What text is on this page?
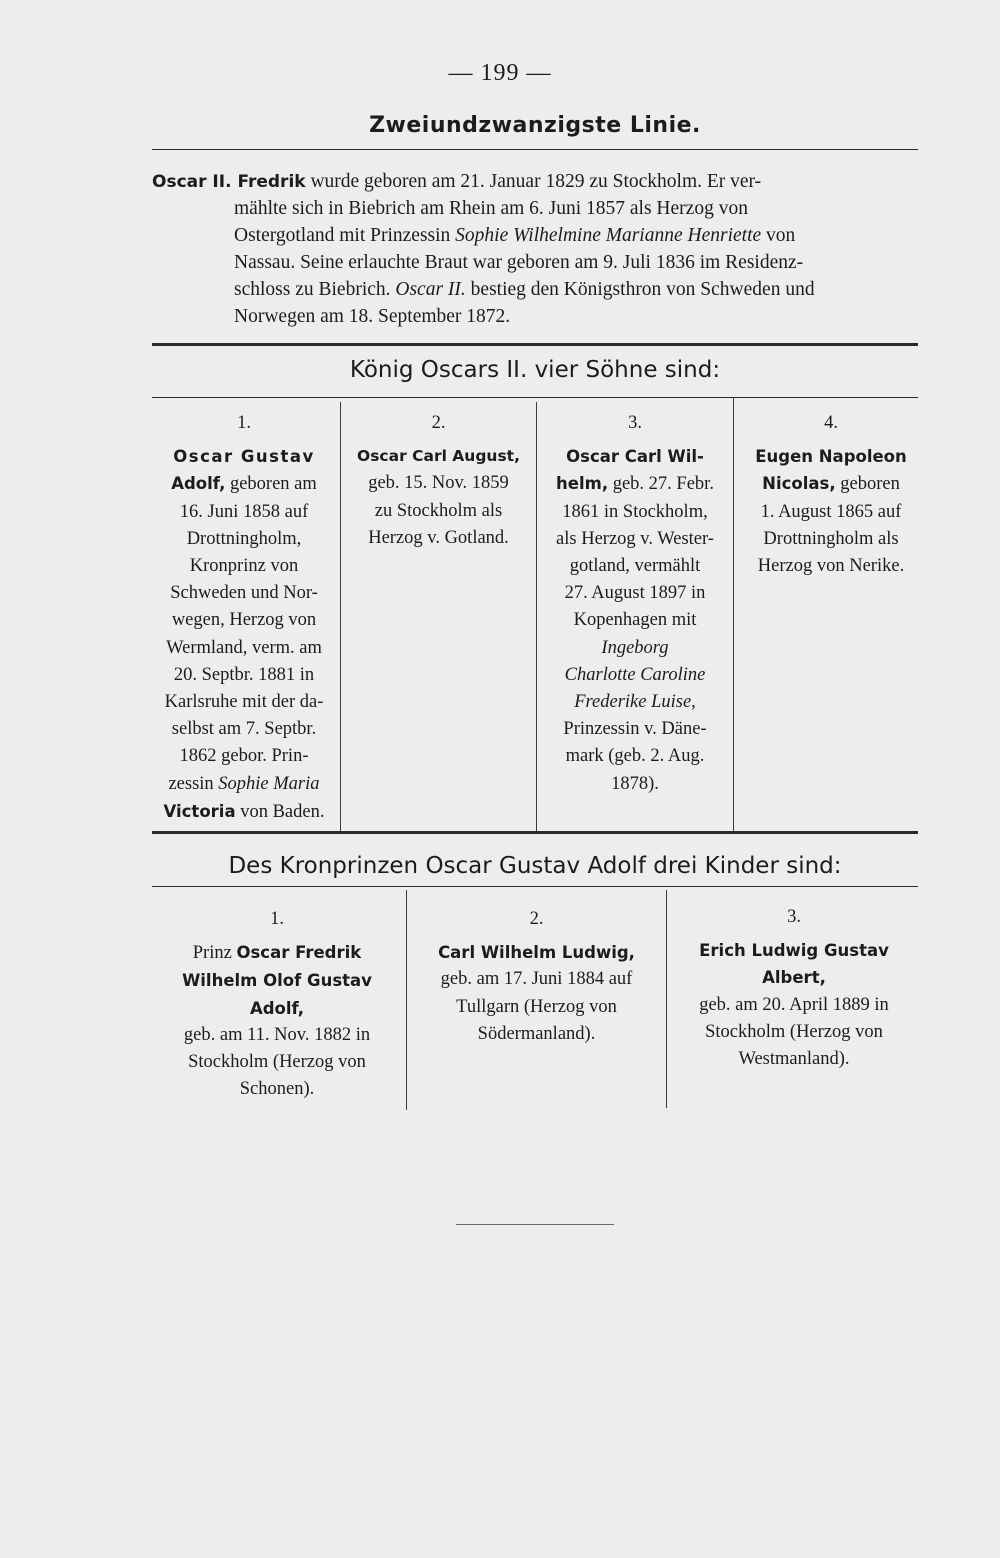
— 199 —
Zweiundzwanzigste Linie.
Oscar II. Fredrik wurde geboren am 21. Januar 1829 zu Stockholm. Er ver-
mählte sich in Biebrich am Rhein am 6. Juni 1857 als Herzog von
Ostergotland mit Prinzessin Sophie Wilhelmine Marianne Henriette von
Nassau. Seine erlauchte Braut war geboren am 9. Juli 1836 im Residenz-
schloss zu Biebrich. Oscar II. bestieg den Königsthron von Schweden und
Norwegen am 18. September 1872.
König Oscars II. vier Söhne sind:
1.
Oscar Gustav
Adolf, geboren am
16. Juni 1858 auf
Drottningholm,
Kronprinz von
Schweden und Nor-
wegen, Herzog von
Wermland, verm. am
20. Septbr. 1881 in
Karlsruhe mit der da-
selbst am 7. Septbr.
1862 gebor. Prin-
zessin Sophie Maria
Victoria von Baden.
2.
Oscar Carl August,
geb. 15. Nov. 1859
zu Stockholm als
Herzog v. Gotland.
3.
Oscar Carl Wil-
helm, geb. 27. Febr.
1861 in Stockholm,
als Herzog v. Wester-
gotland, vermählt
27. August 1897 in
Kopenhagen mit
Ingeborg
Charlotte Caroline
Frederike Luise,
Prinzessin v. Däne-
mark (geb. 2. Aug.
1878).
4.
Eugen Napoleon
Nicolas, geboren
1. August 1865 auf
Drottningholm als
Herzog von Nerike.
Des Kronprinzen Oscar Gustav Adolf drei Kinder sind:
1.
Prinz Oscar Fredrik
Wilhelm Olof Gustav
Adolf,
geb. am 11. Nov. 1882 in
Stockholm (Herzog von
Schonen).
2.
Carl Wilhelm Ludwig,
geb. am 17. Juni 1884 auf
Tullgarn (Herzog von
Södermanland).
3.
Erich Ludwig Gustav
Albert,
geb. am 20. April 1889 in
Stockholm (Herzog von
Westmanland).
